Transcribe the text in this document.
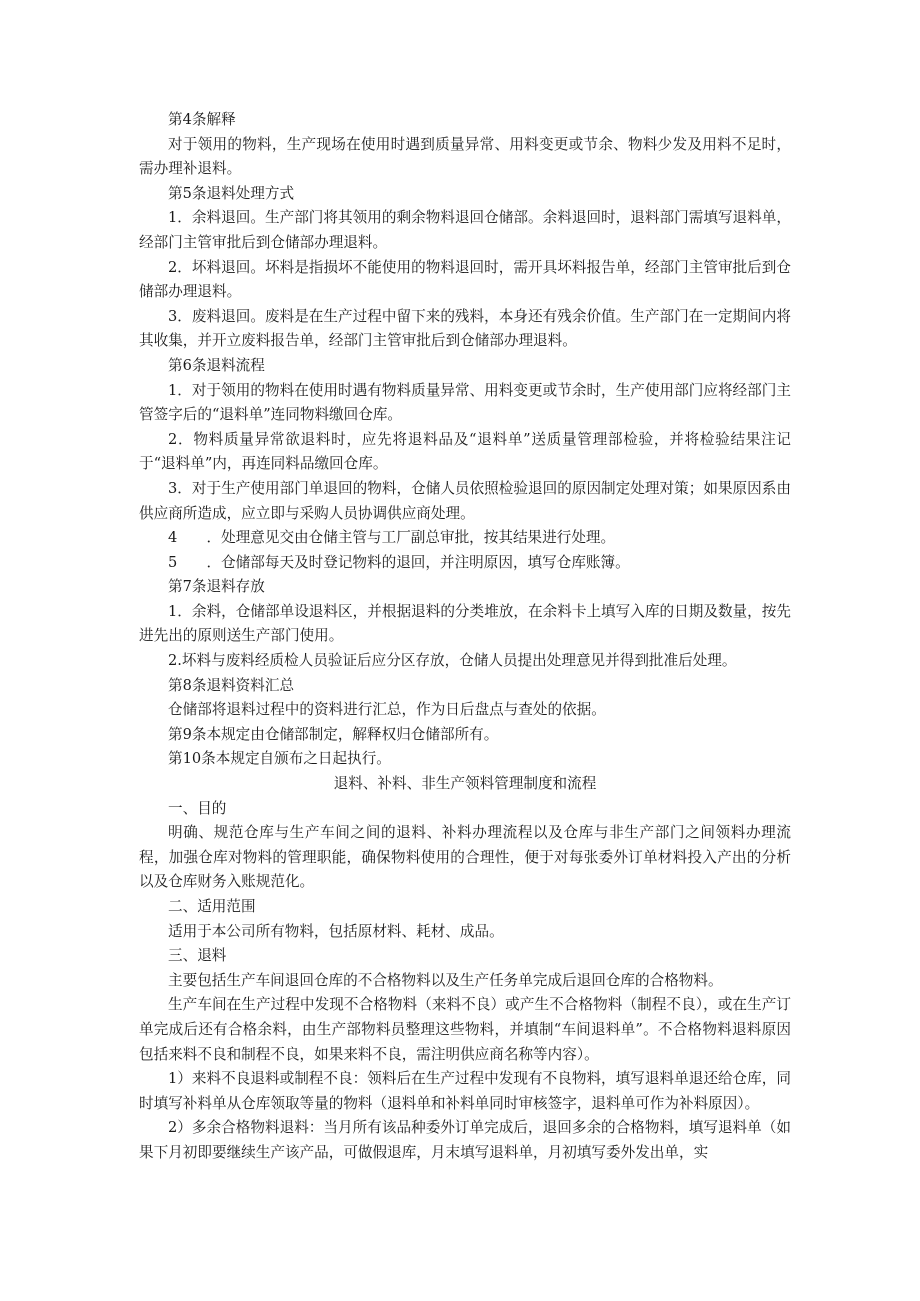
第4条解释

对于领用的物料，生产现场在使用时遇到质量异常、用料变更或节余、物料少发及用料不足时，需办理补退料。

第5条退料处理方式

1．余料退回。生产部门将其领用的剩余物料退回仓储部。余料退回时，退料部门需填写退料单，经部门主管审批后到仓储部办理退料。

2．坏料退回。坏料是指损坏不能使用的物料退回时，需开具坏料报告单，经部门主管审批后到仓储部办理退料。

3．废料退回。废料是在生产过程中留下来的残料，本身还有残余价值。生产部门在一定期间内将其收集，并开立废料报告单，经部门主管审批后到仓储部办理退料。

第6条退料流程

1．对于领用的物料在使用时遇有物料质量异常、用料变更或节余时，生产使用部门应将经部门主管签字后的“退料单”连同物料缴回仓库。

2．物料质量异常欲退料时，应先将退料品及“退料单”送质量管理部检验，并将检验结果注记于“退料单”内，再连同料品缴回仓库。

3．对于生产使用部门单退回的物料，仓储人员依照检验退回的原因制定处理对策；如果原因系由供应商所造成，应立即与采购人员协调供应商处理。

4　　．处理意见交由仓储主管与工厂副总审批，按其结果进行处理。

5　　．仓储部每天及时登记物料的退回，并注明原因，填写仓库账簿。

第7条退料存放

1．余料，仓储部单设退料区，并根据退料的分类堆放，在余料卡上填写入库的日期及数量，按先进先出的原则送生产部门使用。

2.坏料与废料经质检人员验证后应分区存放，仓储人员提出处理意见并得到批准后处理。

第8条退料资料汇总

仓储部将退料过程中的资料进行汇总，作为日后盘点与查处的依据。

第9条本规定由仓储部制定，解释权归仓储部所有。

第10条本规定自颁布之日起执行。

退料、补料、非生产领料管理制度和流程

一、目的

明确、规范仓库与生产车间之间的退料、补料办理流程以及仓库与非生产部门之间领料办理流程，加强仓库对物料的管理职能，确保物料使用的合理性，便于对每张委外订单材料投入产出的分析以及仓库财务入账规范化。

二、适用范围

适用于本公司所有物料，包括原材料、耗材、成品。

三、退料

主要包括生产车间退回仓库的不合格物料以及生产任务单完成后退回仓库的合格物料。

生产车间在生产过程中发现不合格物料（来料不良）或产生不合格物料（制程不良），或在生产订单完成后还有合格余料，由生产部物料员整理这些物料，并填制“车间退料单”。不合格物料退料原因包括来料不良和制程不良，如果来料不良，需注明供应商名称等内容）。

1）来料不良退料或制程不良：领料后在生产过程中发现有不良物料，填写退料单退还给仓库，同时填写补料单从仓库领取等量的物料（退料单和补料单同时审核签字，退料单可作为补料原因）。

2）多余合格物料退料：当月所有该品种委外订单完成后，退回多余的合格物料，填写退料单（如果下月初即要继续生产该产品，可做假退库，月末填写退料单，月初填写委外发出单，实
